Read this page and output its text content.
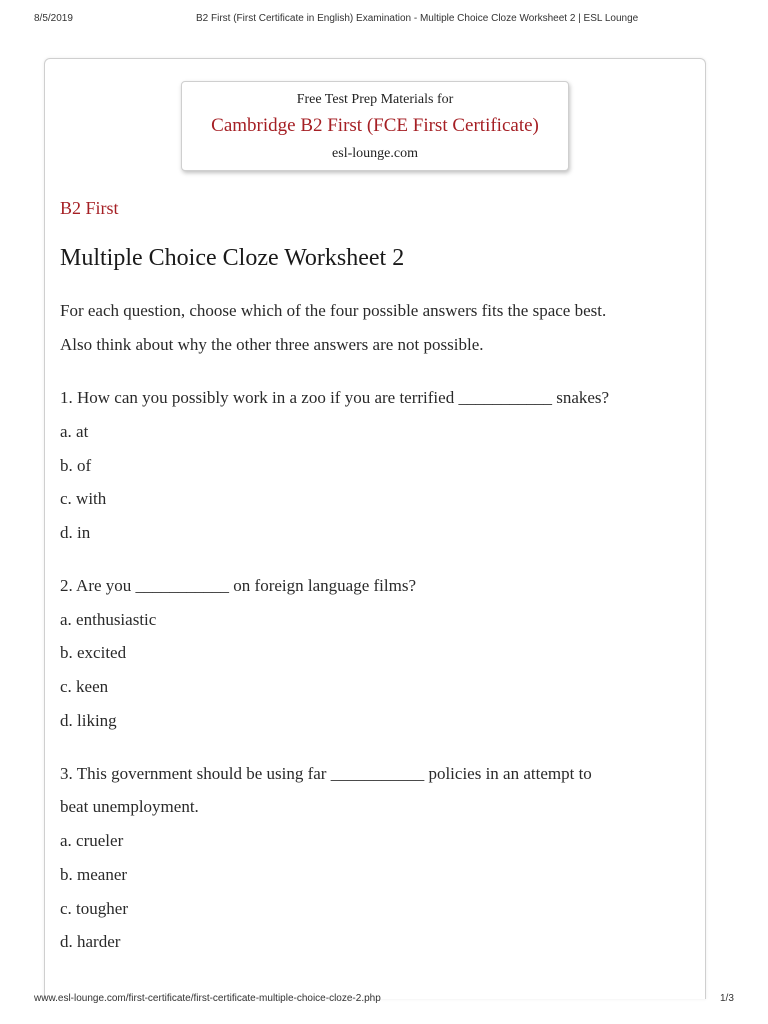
8/5/2019	B2 First (First Certificate in English) Examination - Multiple Choice Cloze Worksheet 2 | ESL Lounge
Free Test Prep Materials for
Cambridge B2 First (FCE First Certificate)
esl-lounge.com
B2 First
Multiple Choice Cloze Worksheet 2
For each question, choose which of the four possible answers fits the space best.
Also think about why the other three answers are not possible.
1. How can you possibly work in a zoo if you are terrified ___________ snakes?
a. at
b. of
c. with
d. in
2. Are you ___________ on foreign language films?
a. enthusiastic
b. excited
c. keen
d. liking
3. This government should be using far ___________ policies in an attempt to
beat unemployment.
a. crueler
b. meaner
c. tougher
d. harder
www.esl-lounge.com/first-certificate/first-certificate-multiple-choice-cloze-2.php	1/3
